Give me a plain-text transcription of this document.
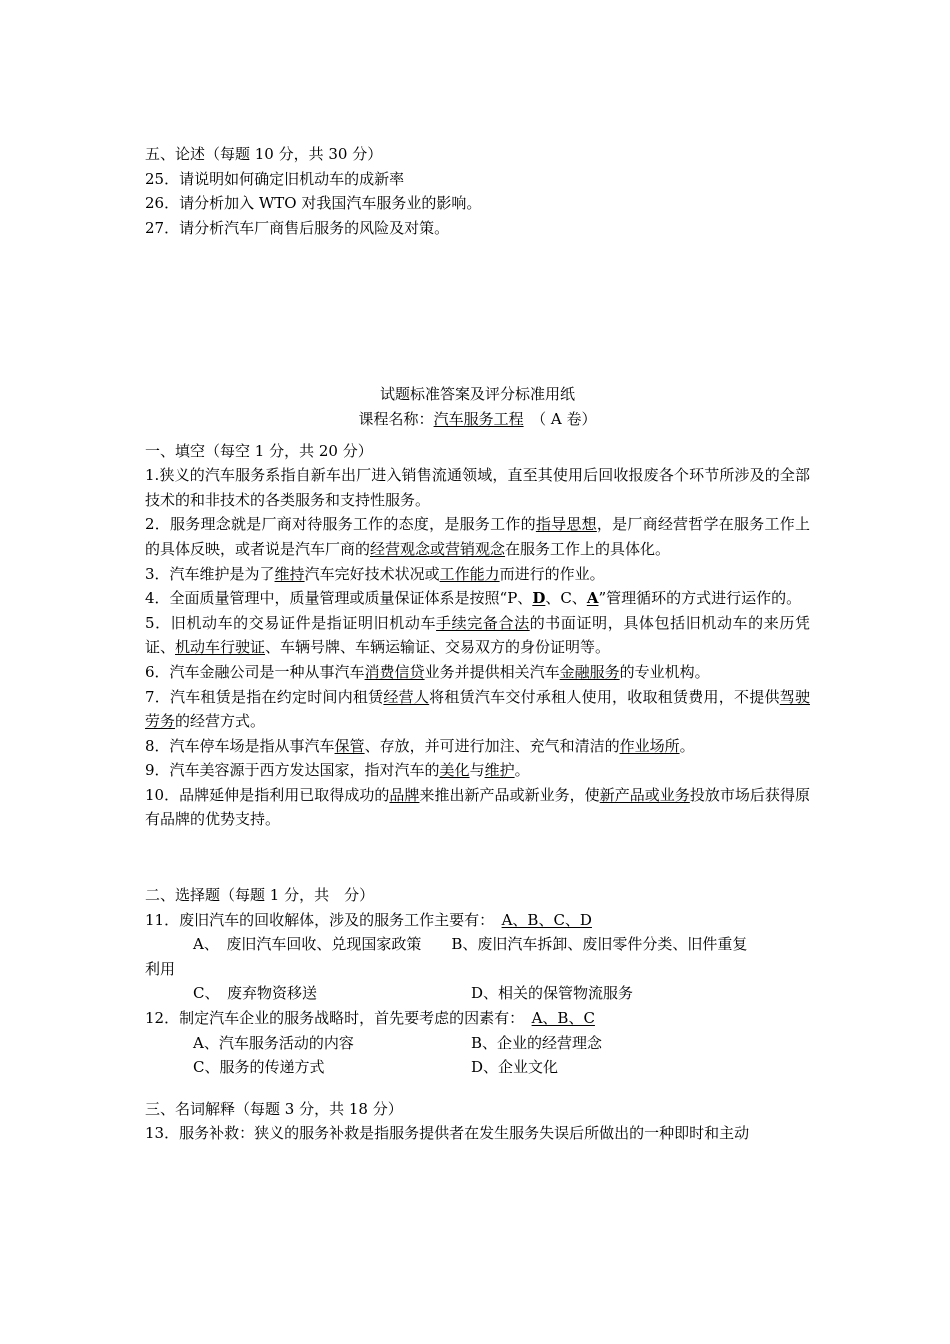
五、论述（每题 10 分，共 30 分）
25．请说明如何确定旧机动车的成新率
26．请分析加入 WTO 对我国汽车服务业的影响。
27．请分析汽车厂商售后服务的风险及对策。
试题标准答案及评分标准用纸
课程名称：汽车服务工程　（ A 卷）
一、填空（每空 1 分，共 20 分）
1.狭义的汽车服务系指自新车出厂进入销售流通领域，直至其使用后回收报废各个环节所涉及的全部技术的和非技术的各类服务和支持性服务。
2．服务理念就是厂商对待服务工作的态度，是服务工作的指导思想，是厂商经营哲学在服务工作上的具体反映，或者说是汽车厂商的经营观念或营销观念在服务工作上的具体化。
3．汽车维护是为了维持汽车完好技术状况或工作能力而进行的作业。
4．全面质量管理中，质量管理或质量保证体系是按照“P、D、C、A”管理循环的方式进行运作的。
5．旧机动车的交易证件是指证明旧机动车手续完备合法的书面证明，具体包括旧机动车的来历凭证、机动车行驶证、车辆号牌、车辆运输证、交易双方的身份证明等。
6．汽车金融公司是一种从事汽车消费信贷业务并提供相关汽车金融服务的专业机构。
7．汽车租赁是指在约定时间内租赁经营人将租赁汽车交付承租人使用，收取租赁费用，不提供驾驶劳务的经营方式。
8．汽车停车场是指从事汽车保管、存放，并可进行加注、充气和清洁的作业场所。
9．汽车美容源于西方发达国家，指对汽车的美化与维护。
10．品牌延伸是指利用已取得成功的品牌来推出新产品或新业务，使新产品或业务投放市场后获得原有品牌的优势支持。
二、选择题（每题 1 分，共　分）
11．废旧汽车的回收解体，涉及的服务工作主要有：　A、B、C、D
A、　废旧汽车回收、兑现国家政策　　B、废旧汽车拆卸、废旧零件分类、旧件重复
利用
C、　废弃物资移送	D、相关的保管物流服务
12．制定汽车企业的服务战略时，首先要考虑的因素有：　A、B、C
A、汽车服务活动的内容	B、企业的经营理念
C、服务的传递方式	D、企业文化
三、名词解释（每题 3 分，共 18 分）
13．服务补救：狭义的服务补救是指服务提供者在发生服务失误后所做出的一种即时和主动
